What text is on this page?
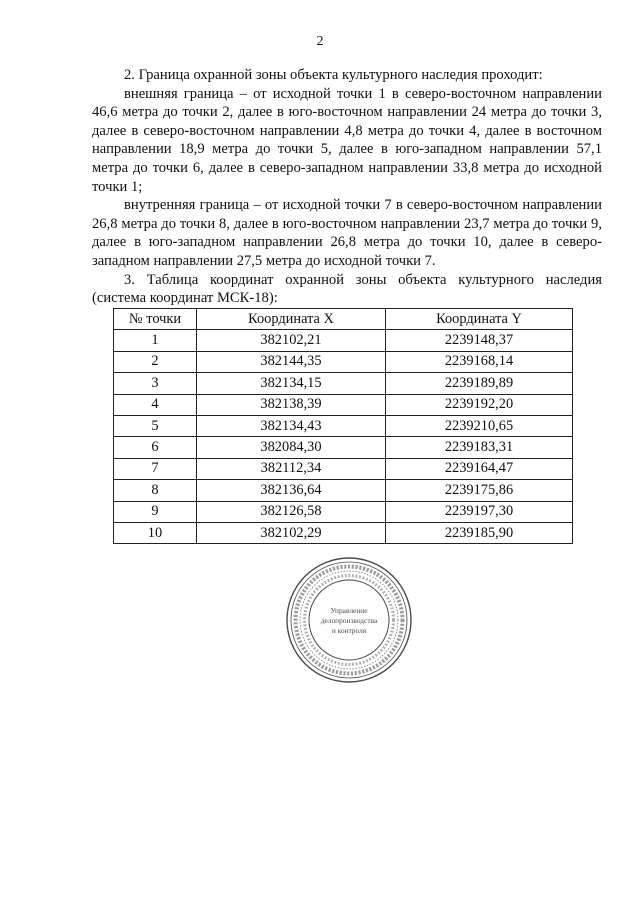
2

2. Граница охранной зоны объекта культурного наследия проходит:

внешняя граница – от исходной точки 1 в северо-восточном направлении 46,6 метра до точки 2, далее в юго-восточном направлении 24 метра до точки 3, далее в северо-восточном направлении 4,8 метра до точки 4, далее в восточном направлении 18,9 метра до точки 5, далее в юго-западном направлении 57,1 метра до точки 6, далее в северо-западном направлении 33,8 метра до исходной точки 1;

внутренняя граница – от исходной точки 7 в северо-восточном направлении 26,8 метра до точки 8, далее в юго-восточном направлении 23,7 метра до точки 9, далее в юго-западном направлении 26,8 метра до точки 10, далее в северо-западном направлении 27,5 метра до исходной точки 7.

3. Таблица координат охранной зоны объекта культурного наследия (система координат МСК-18):

№ точки	Координата X	Координата Y
1	382102,21	2239148,37
2	382144,35	2239168,14
3	382134,15	2239189,89
4	382138,39	2239192,20
5	382134,43	2239210,65
6	382084,30	2239183,31
7	382112,34	2239164,47
8	382136,64	2239175,86
9	382126,58	2239197,30
10	382102,29	2239185,90
Управление
делопроизводства
и контроля
